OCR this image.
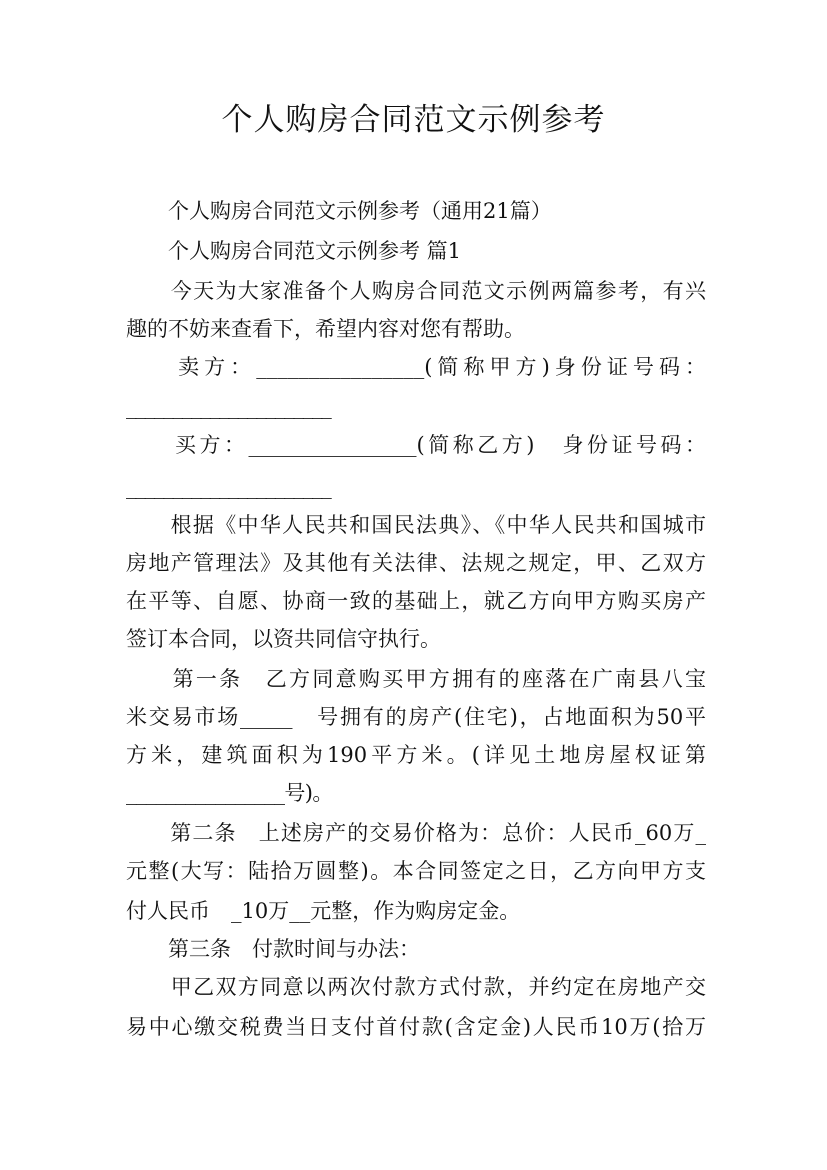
个人购房合同范文示例参考
　　个人购房合同范文示例参考（通用21篇）
　　个人购房合同范文示例参考 篇1
　　今天为大家准备个人购房合同范文示例两篇参考，有兴
趣的不妨来查看下，希望内容对您有帮助。
　　卖方：________________(简称甲方)身份证号码：
______________________
　　买方：________________(简称乙方)　身份证号码：
______________________
　　根据《中华人民共和国民法典》、《中华人民共和国城市
房地产管理法》及其他有关法律、法规之规定，甲、乙双方
在平等、自愿、协商一致的基础上，就乙方向甲方购买房产
签订本合同，以资共同信守执行。
　　第一条　乙方同意购买甲方拥有的座落在广南县八宝
米交易市场_____　号拥有的房产(住宅)，占地面积为50平
方米，建筑面积为190平方米。(详见土地房屋权证第
________________号)。
　　第二条　上述房产的交易价格为：总价：人民币_60万_
元整(大写：陆拾万圆整)。本合同签定之日，乙方向甲方支
付人民币　_10万__元整，作为购房定金。
　　第三条　付款时间与办法：
　　甲乙双方同意以两次付款方式付款，并约定在房地产交
易中心缴交税费当日支付首付款(含定金)人民币10万(拾万
